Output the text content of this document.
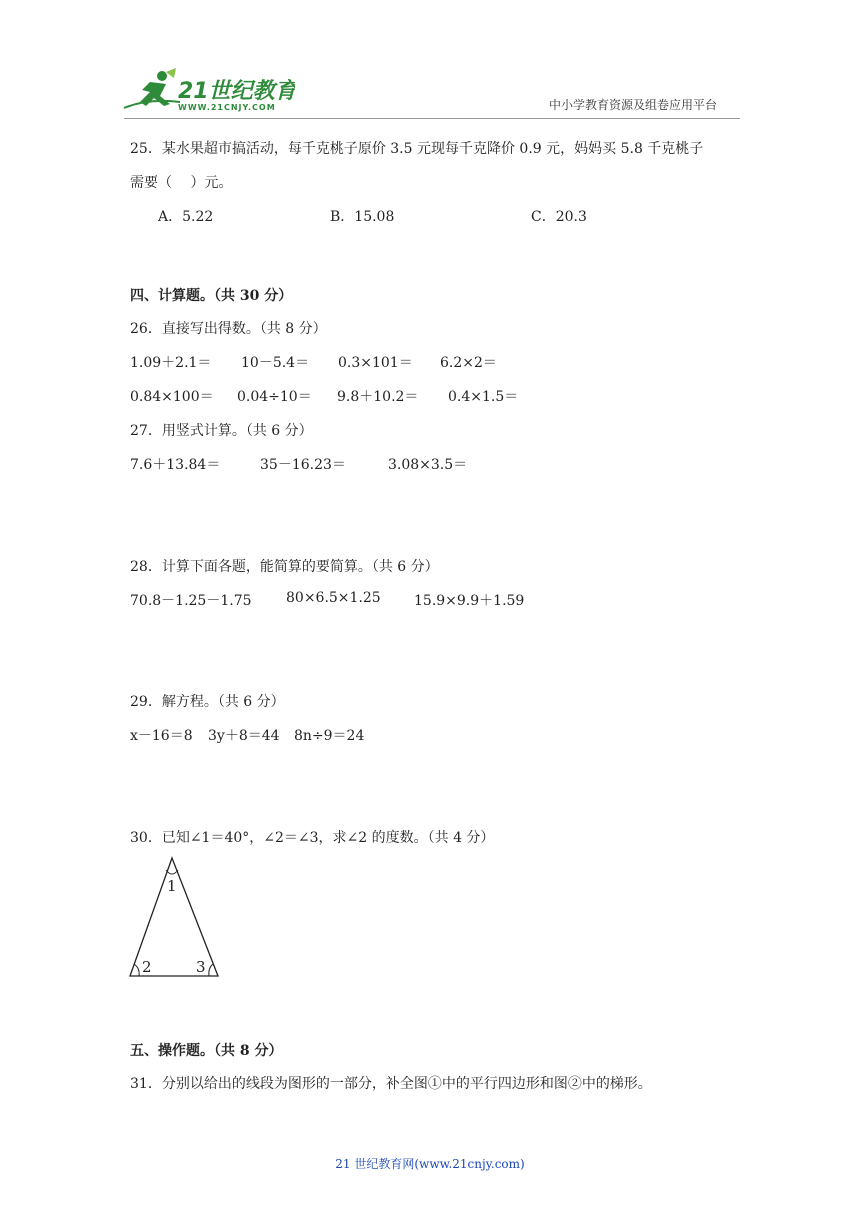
21世纪教育
WWW.21CNJY.COM	中小学教育资源及组卷应用平台
25．某水果超市搞活动，每千克桃子原价 3.5 元现每千克降价 0.9 元，妈妈买 5.8 千克桃子
需要（　 ）元。
A．5.22	B．15.08	C．20.3
四、计算题。（共 30 分）
26．直接写出得数。（共 8 分）
1.09＋2.1＝ 10－5.4＝ 0.3×101＝ 6.2×2＝
0.84×100＝ 0.04÷10＝ 9.8＋10.2＝ 0.4×1.5＝
27．用竖式计算。（共 6 分）
7.6＋13.84＝	35－16.23＝	3.08×3.5＝
28．计算下面各题，能简算的要简算。（共 6 分）
70.8－1.25－1.75 80×6.5×1.25 15.9×9.9＋1.59
29．解方程。（共 6 分）
x－16＝8 3y＋8＝44 8n÷9＝24
30．已知∠1＝40°，∠2＝∠3，求∠2 的度数。（共 4 分）
1
2	3
五、操作题。（共 8 分）
31．分别以给出的线段为图形的一部分，补全图①中的平行四边形和图②中的梯形。
21 世纪教育网(www.21cnjy.com)
